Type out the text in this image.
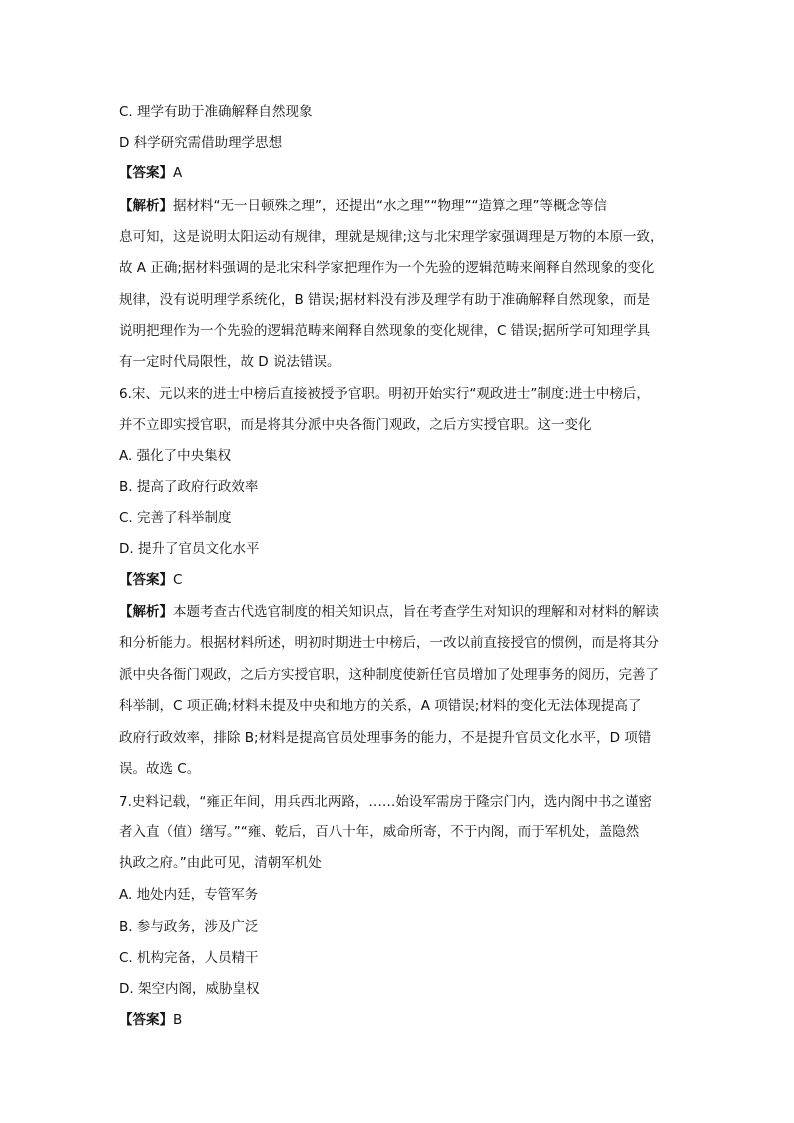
C. 理学有助于准确解释自然现象
D 科学研究需借助理学思想
【答案】A
【解析】据材料“无一日顿殊之理”，还提出“水之理”“物理”“造算之理”等概念等信
息可知，这是说明太阳运动有规律，理就是规律;这与北宋理学家强调理是万物的本原一致，
故 A 正确;据材料强调的是北宋科学家把理作为一个先验的逻辑范畴来阐释自然现象的变化
规律，没有说明理学系统化，B 错误;据材料没有涉及理学有助于准确解释自然现象，而是
说明把理作为一个先验的逻辑范畴来阐释自然现象的变化规律，C 错误;据所学可知理学具
有一定时代局限性，故 D 说法错误。
6.宋、元以来的进士中榜后直接被授予官职。明初开始实行“观政进士”制度:进士中榜后，
并不立即实授官职，而是将其分派中央各衙门观政，之后方实授官职。这一变化
A. 强化了中央集权
B. 提高了政府行政效率
C. 完善了科举制度
D. 提升了官员文化水平
【答案】C
【解析】本题考查古代选官制度的相关知识点，旨在考查学生对知识的理解和对材料的解读
和分析能力。根据材料所述，明初时期进士中榜后，一改以前直接授官的惯例，而是将其分
派中央各衙门观政，之后方实授官职，这种制度使新任官员增加了处理事务的阅历，完善了
科举制，C 项正确;材料未提及中央和地方的关系，A 项错误;材料的变化无法体现提高了
政府行政效率，排除 B;材料是提高官员处理事务的能力，不是提升官员文化水平，D 项错
误。故选 C。
7.史料记载，“雍正年间，用兵西北两路，……始设军需房于隆宗门内，选内阁中书之谨密
者入直（值）缮写。”“雍、乾后，百八十年，威命所寄，不于内阁，而于军机处，盖隐然
执政之府。”由此可见，清朝军机处
A. 地处内廷，专管军务
B. 参与政务，涉及广泛
C. 机构完备，人员精干
D. 架空内阁，威胁皇权
【答案】B
